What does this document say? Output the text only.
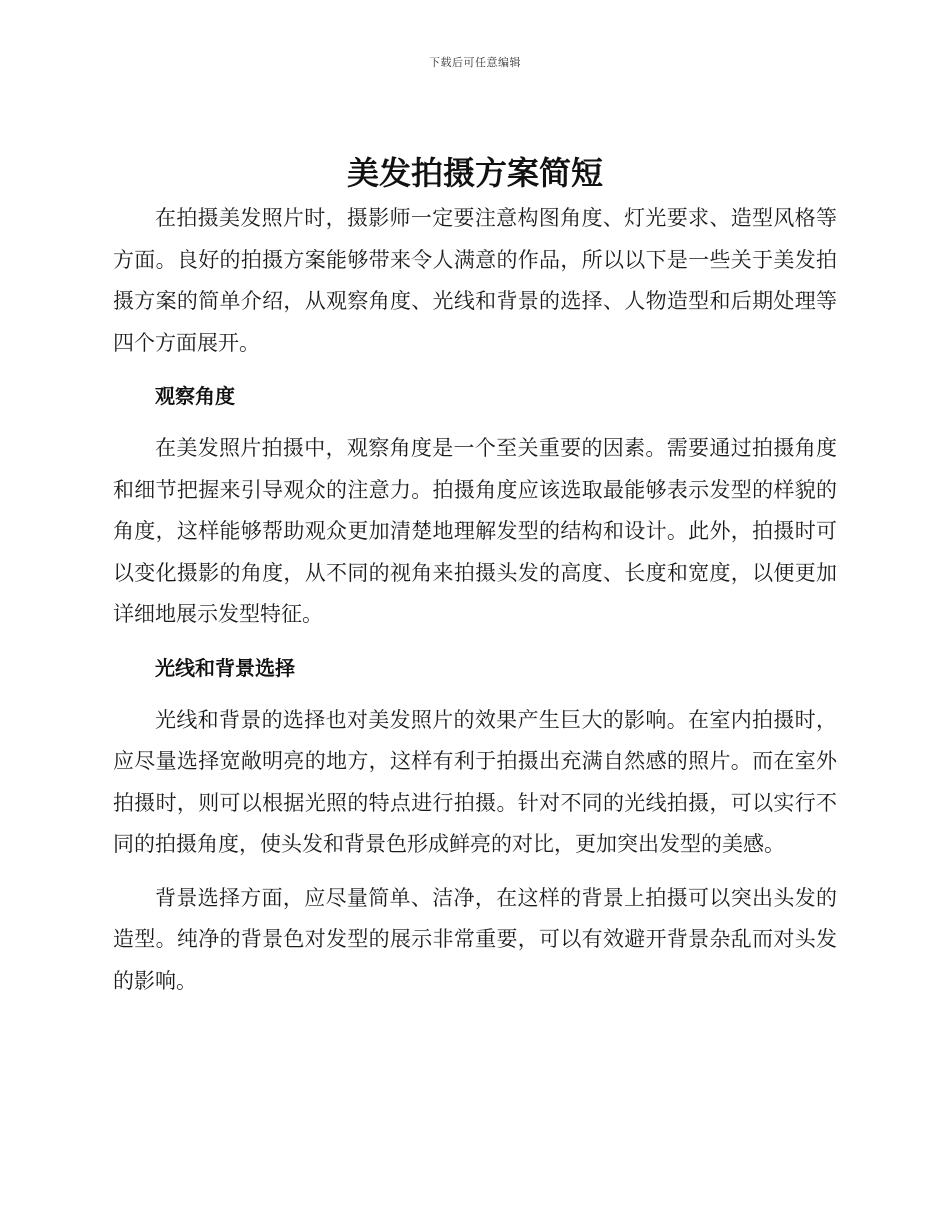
下载后可任意编辑
美发拍摄方案简短

在拍摄美发照片时，摄影师一定要注意构图角度、灯光要求、造型风格等方面。良好的拍摄方案能够带来令人满意的作品，所以以下是一些关于美发拍摄方案的简单介绍，从观察角度、光线和背景的选择、人物造型和后期处理等四个方面展开。

观察角度

在美发照片拍摄中，观察角度是一个至关重要的因素。需要通过拍摄角度和细节把握来引导观众的注意力。拍摄角度应该选取最能够表示发型的样貌的角度，这样能够帮助观众更加清楚地理解发型的结构和设计。此外，拍摄时可以变化摄影的角度，从不同的视角来拍摄头发的高度、长度和宽度，以便更加详细地展示发型特征。

光线和背景选择

光线和背景的选择也对美发照片的效果产生巨大的影响。在室内拍摄时，应尽量选择宽敞明亮的地方，这样有利于拍摄出充满自然感的照片。而在室外拍摄时，则可以根据光照的特点进行拍摄。针对不同的光线拍摄，可以实行不同的拍摄角度，使头发和背景色形成鲜亮的对比，更加突出发型的美感。

背景选择方面，应尽量简单、洁净，在这样的背景上拍摄可以突出头发的造型。纯净的背景色对发型的展示非常重要，可以有效避开背景杂乱而对头发的影响。
